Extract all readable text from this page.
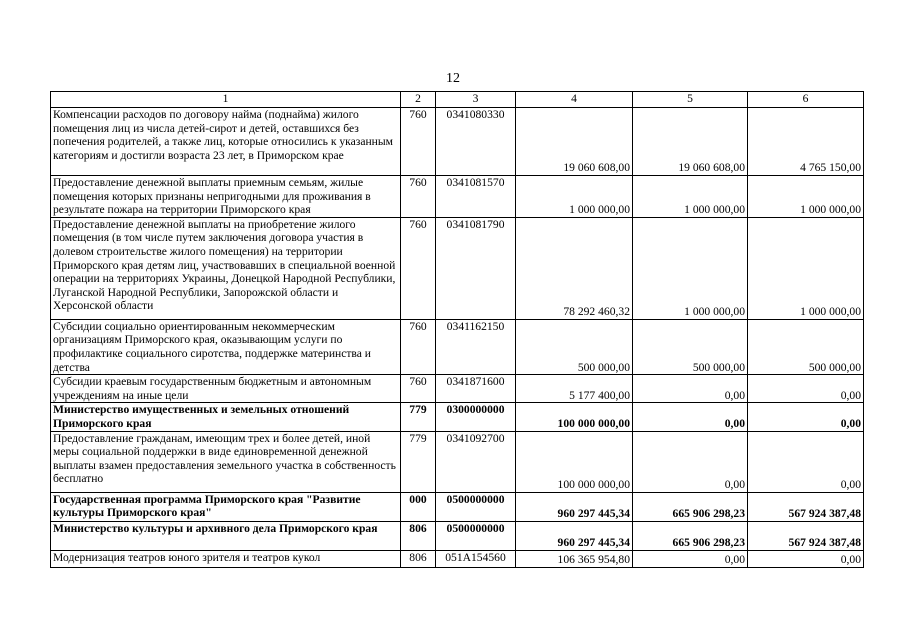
12
1	2	3	4	5	6
Компенсации расходов по договору найма (поднайма) жилого помещения лиц из числа детей-сирот и детей, оставшихся без попечения родителей, а также лиц, которые относились к указанным категориям и достигли возраста 23 лет, в Приморском крае	760	0341080330	19 060 608,00	19 060 608,00	4 765 150,00
Предоставление денежной выплаты приемным семьям, жилые помещения которых признаны непригодными для проживания в результате пожара на территории Приморского края	760	0341081570	1 000 000,00	1 000 000,00	1 000 000,00
Предоставление денежной выплаты на приобретение жилого помещения (в том числе путем заключения договора участия в долевом строительстве жилого помещения) на территории Приморского края детям лиц, участвовавших в специальной военной операции на территориях Украины, Донецкой Народной Республики, Луганской Народной Республики, Запорожской области и Херсонской области	760	0341081790	78 292 460,32	1 000 000,00	1 000 000,00
Субсидии социально ориентированным некоммерческим организациям Приморского края, оказывающим услуги по профилактике социального сиротства, поддержке материнства и детства	760	0341162150	500 000,00	500 000,00	500 000,00
Субсидии краевым государственным бюджетным и автономным учреждениям на иные цели	760	0341871600	5 177 400,00	0,00	0,00
Министерство имущественных и земельных отношений Приморского края	779	0300000000	100 000 000,00	0,00	0,00
Предоставление гражданам, имеющим трех и более детей, иной меры социальной поддержки в виде единовременной денежной выплаты взамен предоставления земельного участка в собственность бесплатно	779	0341092700	100 000 000,00	0,00	0,00
Государственная программа Приморского края "Развитие культуры Приморского края"	000	0500000000	960 297 445,34	665 906 298,23	567 924 387,48
Министерство культуры и архивного дела Приморского края	806	0500000000	960 297 445,34	665 906 298,23	567 924 387,48
Модернизация театров юного зрителя и театров кукол	806	051A154560	106 365 954,80	0,00	0,00
